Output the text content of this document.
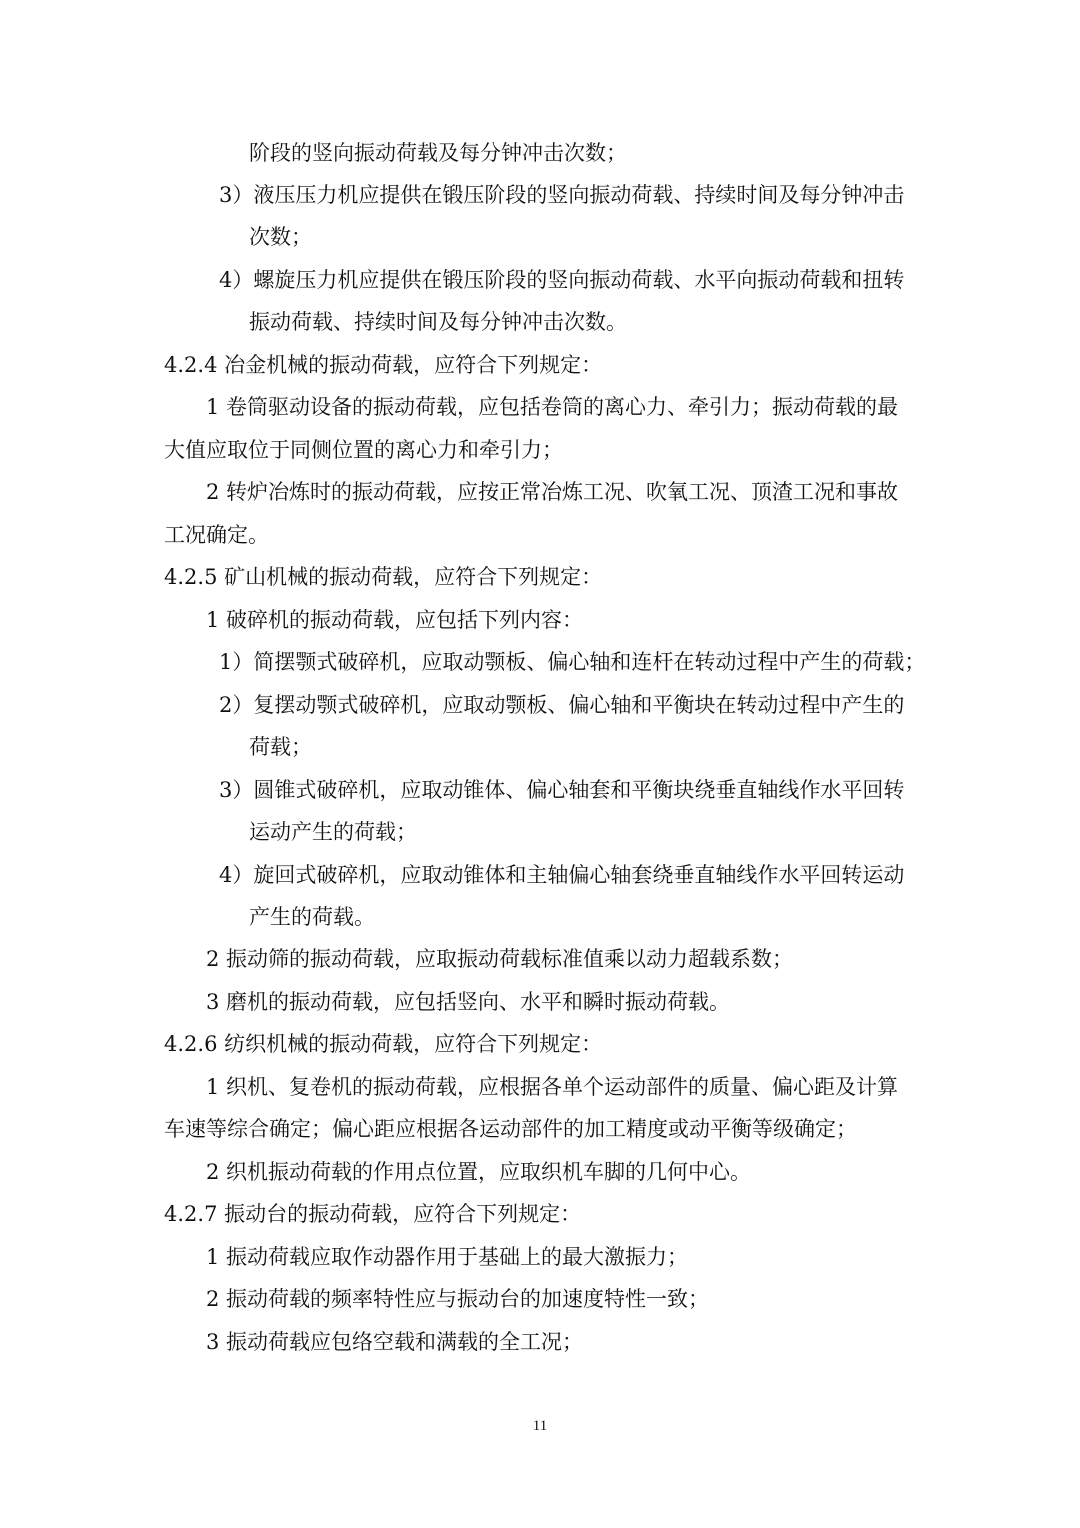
阶段的竖向振动荷载及每分钟冲击次数；
3）液压压力机应提供在锻压阶段的竖向振动荷载、持续时间及每分钟冲击
次数；
4）螺旋压力机应提供在锻压阶段的竖向振动荷载、水平向振动荷载和扭转
振动荷载、持续时间及每分钟冲击次数。
4.2.4 冶金机械的振动荷载，应符合下列规定：
1 卷筒驱动设备的振动荷载，应包括卷筒的离心力、牵引力；振动荷载的最
大值应取位于同侧位置的离心力和牵引力；
2 转炉冶炼时的振动荷载，应按正常冶炼工况、吹氧工况、顶渣工况和事故
工况确定。
4.2.5 矿山机械的振动荷载，应符合下列规定：
1 破碎机的振动荷载，应包括下列内容：
1）简摆颚式破碎机，应取动颚板、偏心轴和连杆在转动过程中产生的荷载；
2）复摆动颚式破碎机，应取动颚板、偏心轴和平衡块在转动过程中产生的
荷载；
3）圆锥式破碎机，应取动锥体、偏心轴套和平衡块绕垂直轴线作水平回转
运动产生的荷载；
4）旋回式破碎机，应取动锥体和主轴偏心轴套绕垂直轴线作水平回转运动
产生的荷载。
2 振动筛的振动荷载，应取振动荷载标准值乘以动力超载系数；
3 磨机的振动荷载，应包括竖向、水平和瞬时振动荷载。
4.2.6 纺织机械的振动荷载，应符合下列规定：
1 织机、复卷机的振动荷载，应根据各单个运动部件的质量、偏心距及计算
车速等综合确定；偏心距应根据各运动部件的加工精度或动平衡等级确定；
2 织机振动荷载的作用点位置，应取织机车脚的几何中心。
4.2.7 振动台的振动荷载，应符合下列规定：
1 振动荷载应取作动器作用于基础上的最大激振力；
2 振动荷载的频率特性应与振动台的加速度特性一致；
3 振动荷载应包络空载和满载的全工况；
11
